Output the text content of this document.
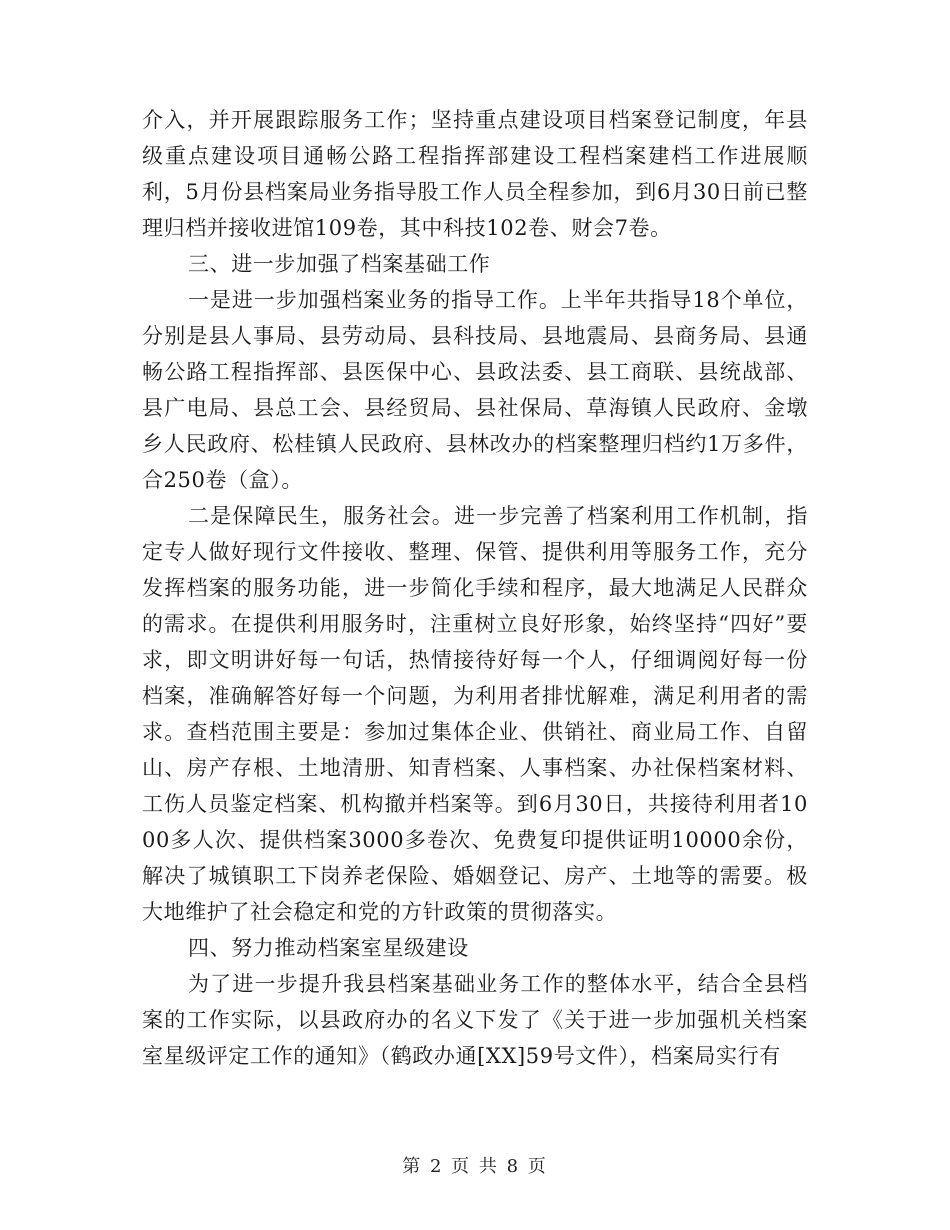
介入，并开展跟踪服务工作；坚持重点建设项目档案登记制度，年县级重点建设项目通畅公路工程指挥部建设工程档案建档工作进展顺利，5月份县档案局业务指导股工作人员全程参加，到6月30日前已整理归档并接收进馆109卷，其中科技102卷、财会7卷。

三、进一步加强了档案基础工作

一是进一步加强档案业务的指导工作。上半年共指导18个单位，分别是县人事局、县劳动局、县科技局、县地震局、县商务局、县通畅公路工程指挥部、县医保中心、县政法委、县工商联、县统战部、县广电局、县总工会、县经贸局、县社保局、草海镇人民政府、金墩乡人民政府、松桂镇人民政府、县林改办的档案整理归档约1万多件，合250卷（盒）。

二是保障民生，服务社会。进一步完善了档案利用工作机制，指定专人做好现行文件接收、整理、保管、提供利用等服务工作，充分发挥档案的服务功能，进一步简化手续和程序，最大地满足人民群众的需求。在提供利用服务时，注重树立良好形象，始终坚持“四好”要求，即文明讲好每一句话，热情接待好每一个人，仔细调阅好每一份档案，准确解答好每一个问题，为利用者排忧解难，满足利用者的需求。查档范围主要是：参加过集体企业、供销社、商业局工作、自留山、房产存根、土地清册、知青档案、人事档案、办社保档案材料、工伤人员鉴定档案、机构撤并档案等。到6月30日，共接待利用者1000多人次、提供档案3000多卷次、免费复印提供证明10000余份，解决了城镇职工下岗养老保险、婚姻登记、房产、土地等的需要。极大地维护了社会稳定和党的方针政策的贯彻落实。

四、努力推动档案室星级建设

为了进一步提升我县档案基础业务工作的整体水平，结合全县档案的工作实际，以县政府办的名义下发了《关于进一步加强机关档案室星级评定工作的通知》（鹤政办通[XX]59号文件），档案局实行有

第 2 页 共 8 页
